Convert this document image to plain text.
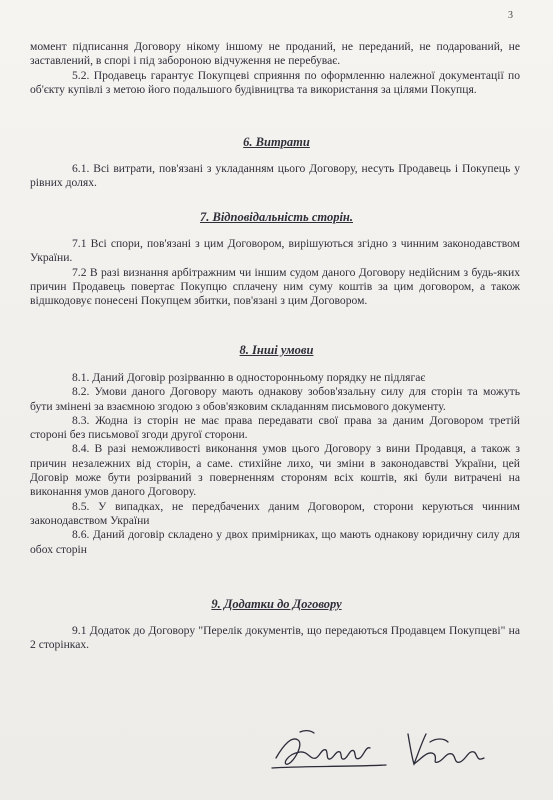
3

момент підписання Договору нікому іншому не проданий, не переданий, не подарований, не заставлений, в спорі і під забороною відчуження не перебуває.

5.2. Продавець гарантує Покупцеві сприяння по оформленню належної документації по об'єкту купівлі з метою його подальшого будівництва та використання за цілями Покупця.

6. Витрати

6.1. Всі витрати, пов'язані з укладанням цього Договору, несуть Продавець і Покупець у рівних долях.

7. Відповідальність сторін.

7.1 Всі спори, пов'язані з цим Договором, вирішуються згідно з чинним законодавством України.

7.2 В разі визнання арбітражним чи іншим судом даного Договору недійсним з будь-яких причин Продавець повертає Покупцю сплачену ним суму коштів за цим договором, а також відшкодовує понесені Покупцем збитки, пов'язані з цим Договором.

8. Інші умови

8.1. Даний Договір розірванню в односторонньому порядку не підлягає

8.2. Умови даного Договору мають однакову зобов'язальну силу для сторін та можуть бути змінені за взаємною згодою з обов'язковим складанням письмового документу.

8.3. Жодна із сторін не має права передавати свої права за даним Договором третій стороні без письмової згоди другої сторони.

8.4. В разі неможливості виконання умов цього Договору з вини Продавця, а також з причин незалежних від сторін, а саме. стихійне лихо, чи зміни в законодавстві України, цей Договір може бути розірваний з поверненням стороням всіх коштів, які були витрачені на виконання умов даного Договору.

8.5. У випадках, не передбачених даним Договором, сторони керуються чинним законодавством України

8.6. Даний договір складено у двох примірниках, що мають однакову юридичну силу для обох сторін

9. Додатки до Договору

9.1 Додаток до Договору "Перелік документів, що передаються Продавцем Покупцеві" на 2 сторінках.
